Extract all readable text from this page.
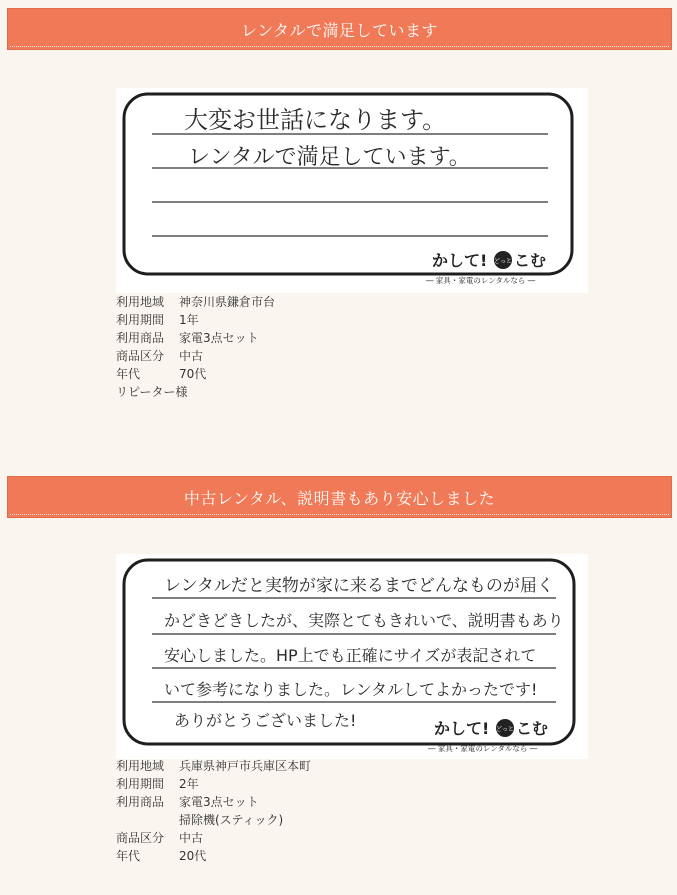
レンタルで満足しています
大変お世話になります。
レンタルで満足しています。
かして! どっと こむ
― 家具・家電のレンタルなら ―
利用地域	神奈川県鎌倉市台
利用期間	1年
利用商品	家電3点セット
商品区分	中古
年代	70代
リピーター様
中古レンタル、説明書もあり安心しました
レンタルだと実物が家に来るまでどんなものが届く
かどきどきしたが、実際とてもきれいで、説明書もあり
安心しました。HP上でも正確にサイズが表記されて
いて参考になりました。レンタルしてよかったです!
ありがとうございました!	かして! どっと こむ
― 家具・家電のレンタルなら ―
利用地域	兵庫県神戸市兵庫区本町
利用期間	2年
利用商品	家電3点セット
	掃除機(スティック)
商品区分	中古
年代	20代
